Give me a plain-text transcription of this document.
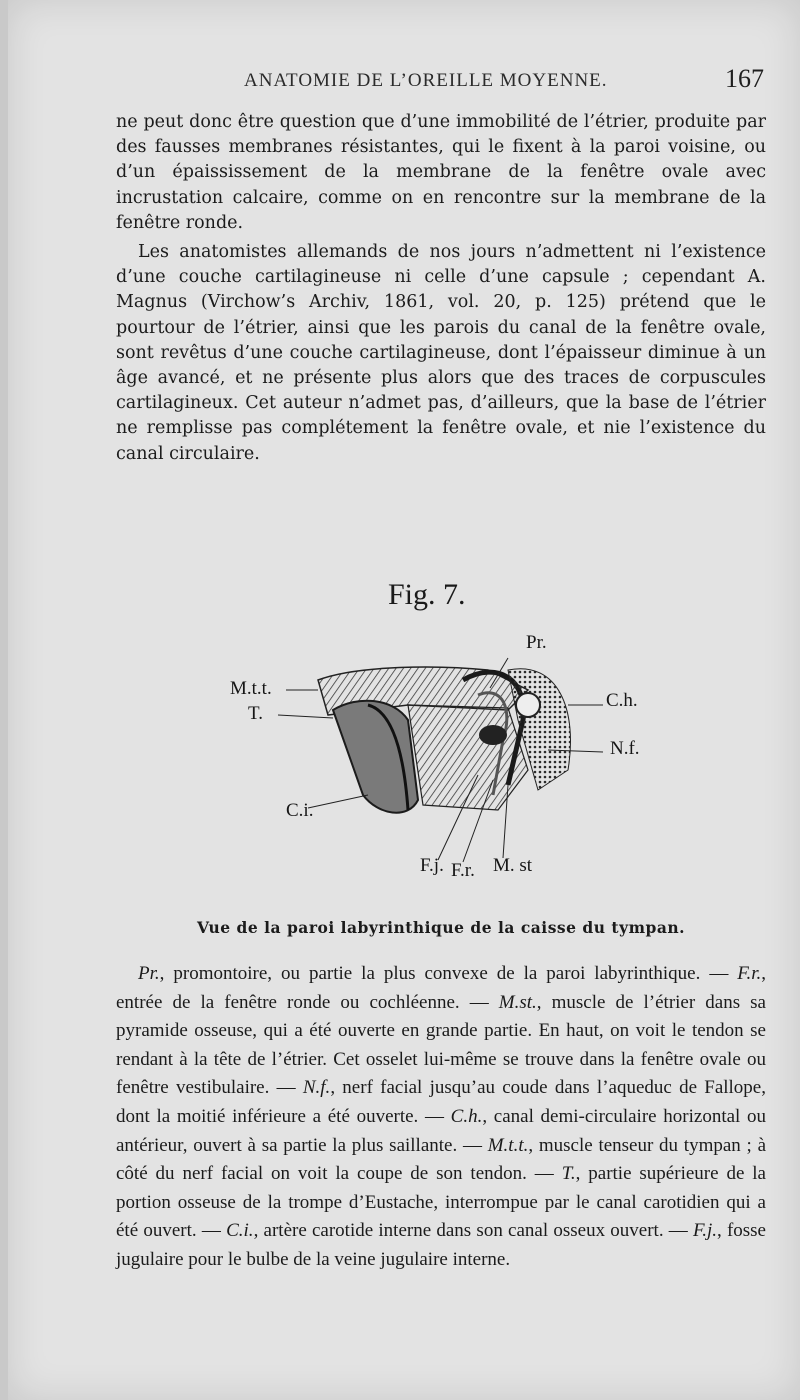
ANATOMIE DE L’OREILLE MOYENNE.	167

ne peut donc être question que d’une immobilité de l’étrier, produite par des fausses membranes résistantes, qui le fixent à la paroi voisine, ou d’un épaississement de la membrane de la fenêtre ovale avec incrustation calcaire, comme on en rencontre sur la membrane de la fenêtre ronde.

Les anatomistes allemands de nos jours n’admettent ni l’existence d’une couche cartilagineuse ni celle d’une capsule ; cependant A. Magnus (Virchow’s Archiv, 1861, vol. 20, p. 125) prétend que le pourtour de l’étrier, ainsi que les parois du canal de la fenêtre ovale, sont revêtus d’une couche cartilagineuse, dont l’épaisseur diminue à un âge avancé, et ne présente plus alors que des traces de corpuscules cartilagineux. Cet auteur n’admet pas, d’ailleurs, que la base de l’étrier ne remplisse pas complétement la fenêtre ovale, et nie l’existence du canal circulaire.

Fig. 7.
Pr.
M.t.t.
T.
C.h.
N.f.
C.i.
F.j. F.r. M. st
Vue de la paroi labyrinthique de la caisse du tympan.

Pr., promontoire, ou partie la plus convexe de la paroi labyrinthique. — F.r., entrée de la fenêtre ronde ou cochléenne. — M.st., muscle de l’étrier dans sa pyramide osseuse, qui a été ouverte en grande partie. En haut, on voit le tendon se rendant à la tête de l’étrier. Cet osselet lui-même se trouve dans la fenêtre ovale ou fenêtre vestibulaire. — N.f., nerf facial jusqu’au coude dans l’aqueduc de Fallope, dont la moitié inférieure a été ouverte. — C.h., canal demi-circulaire horizontal ou antérieur, ouvert à sa partie la plus saillante. — M.t.t., muscle tenseur du tympan ; à côté du nerf facial on voit la coupe de son tendon. — T., partie supérieure de la portion osseuse de la trompe d’Eustache, interrompue par le canal carotidien qui a été ouvert. — C.i., artère carotide interne dans son canal osseux ouvert. — F.j., fosse jugulaire pour le bulbe de la veine jugulaire interne.
